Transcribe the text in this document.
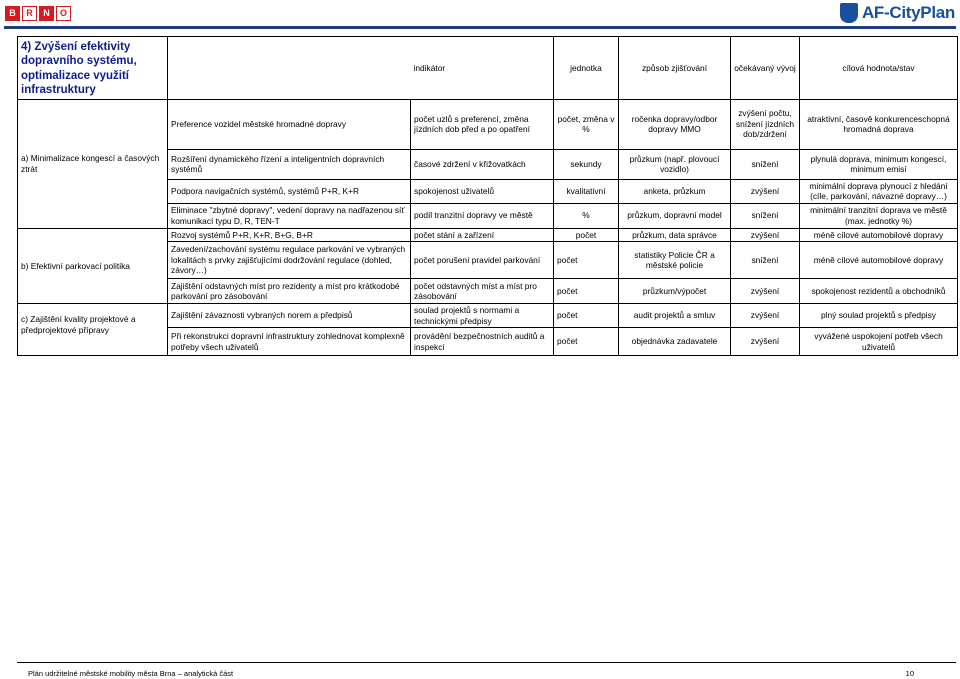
B	R	N	O	AF-CityPlan
4) Zvýšení efektivity dopravního systému, optimalizace využití infrastruktury		indikátor	jednotka	způsob zjišťování	očekávaný vývoj	cílová hodnota/stav

a) Minimalizace kongescí a časových ztrát	Preference vozidel městské hromadné dopravy	počet uzlů s preferencí, změna jízdních dob před a po opatření	počet, změna v %	ročenka dopravy/odbor dopravy MMO	zvýšení počtu, snížení jízdních dob/zdržení	atraktivní, časově konkurenceschopná hromadná doprava
	Rozšíření dynamického řízení a inteligentních dopravních systémů	časové zdržení v křižovatkách	sekundy	průzkum (např. plovoucí vozidlo)	snížení	plynulá doprava, minimum kongescí, minimum emisí
	Podpora navigačních systémů, systémů P+R, K+R	spokojenost uživatelů	kvalitativní	anketa, průzkum	zvýšení	minimální doprava plynoucí z hledání (cíle, parkování, návazné dopravy…)
	Eliminace "zbytné dopravy", vedení dopravy na nadřazenou síť komunikací typu D, R, TEN-T	podíl tranzitní dopravy ve městě	%	průzkum, dopravní model	snížení	minimální tranzitní doprava ve městě (max. jednotky %)
b) Efektivní parkovací politika	Rozvoj systémů P+R, K+R, B+G, B+R	počet stání a zařízení	počet	průzkum, data správce	zvýšení	méně cílové automobilové dopravy
	Zavedení/zachování systému regulace parkování ve vybraných lokalitách s prvky zajišťujícími dodržování regulace (dohled, závory…)	počet porušení pravidel parkování	počet	statistiky Policie ČR a městské policie	snížení	méně cílové automobilové dopravy
	Zajištění odstavných míst pro rezidenty a míst pro krátkodobé parkování pro zásobování	počet odstavných míst a míst pro zásobování	počet	průzkum/výpočet	zvýšení	spokojenost rezidentů a obchodníků
c) Zajištění kvality projektové a předprojektové přípravy	Zajištění závaznosti vybraných norem a předpisů	soulad projektů s normami a technickými předpisy	počet	audit projektů a smluv	zvýšení	plný soulad projektů s předpisy
	Při rekonstrukci dopravní infrastruktury zohlednovat komplexně potřeby všech uživatelů	provádění bezpečnostních auditů a inspekcí	počet	objednávka zadavatele	zvýšení	vyvážené uspokojení potřeb všech uživatelů
Plán udržitelné městské mobility města Brna – analytická část	10
